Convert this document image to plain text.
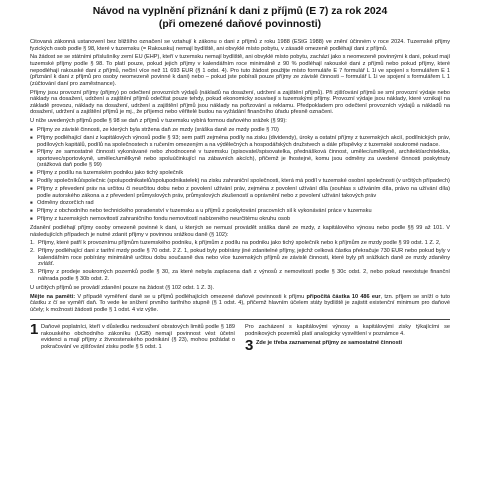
Návod na vyplnění přiznání k dani z příjmů (E 7) za rok 2024
(při omezené daňové povinnosti)

Citovaná zákonná ustanovení bez bližšího označení se vztahují k zákonu o dani z příjmů z roku 1988 (EStG 1988) ve znění účinném v roce 2024. Tuzemské příjmy fyzických osob podle § 98, které v tuzemsku (= Rakousku) nemají bydliště, ani obvyklé místo pobytu, v zásadě omezeně podléhají dani z příjmů.

Na žádost se se státními příslušníky zemí EU (EHP), kteří v tuzemsku nemají bydliště, ani obvyklé místo pobytu, zachází jako s neomezeně povinnými k dani, pokud mají tuzemské příjmy podle § 98. To platí pouze, pokud jejich příjmy v kalendářním roce minimálně z 90 % podléhají rakouské dani z příjmů nebo pokud příjmy, které nepodléhají rakouské dani z příjmů, nečiní více než 11 693 EUR (§ 1 odst. 4). Pro tuto žádost použijte místo formuláře E 7 formulář L 1i ve spojení s formulářem E 1 (přiznání k dani z příjmů pro osoby neomezeně povinné k dani) nebo – pokud jste pobírali pouze příjmy ze závislé činnosti – formulář L 1i ve spojení s formulářem L 1 (zúčtování daní pro zaměstnance).

Příjmy jsou provozní příjmy (přijmy) po odečtení provozních výdajů (nákladů na dosažení, udržení a zajištění příjmů). Při zjišťování příjmů se smí provozní výdaje nebo náklady na dosažení, udržení a zajištění příjmů odečítat pouze tehdy, pokud ekonomicky souvisejí s tuzemskými příjmy. Provozní výdaje jsou náklady, které vznikají na základě provozu, náklady na dosažení, udržení a zajištění příjmů jsou náklady na pořizování a reklamu. Předpokladem pro odečtení provozních výdajů a nákladů na dosažení, udržení a zajištění příjmů je mj., že příjemci nebo věřitelé budou na vyžádání finančního úřadu přesně označeni.

U níže uvedených příjmů podle § 98 se daň z příjmů v tuzemsku vybírá formou daňového srážek (§ 99):

■ Příjmy ze závislé činnosti, ze kterých byla stržena daň ze mzdy (sráška daně ze mzdy podle § 70)
■ Příjmy podléhající dani z kapitálových výnosů podle § 93; sem patří zejména podíly na zisku (dividendy), úroky a ostatní příjmy z tuzemských akcií, podílnických práv, podílových kapitálů, podílů na společnostech s ručením omezeným a na výdělečných a hospodářských družstvech a dále příspěvky z tuzemské soukromé nadace.
■ Příjmy ze samostatné činnosti vykonávané nebo zhodnocené v tuzemsku (spisovatel/spisovatelka, přednášková činnost, umělec/umělkyně, architekt/architektka, sportovec/sportovkyně, umělec/umělkyně nebo spoluúčinkující na zábavních akcích), přičemž je lhostejné, komu jsou odměny za uvedené činnosti poskytnuty (srážková daň podle § 99)
■ Příjmy z podílu na tuzemském podniku jako tichý společník
■ Podíly společníků/společnic (spolupodnikatelů/spolupodnikatelek) na zisku zahraniční společnosti, která má podíl v tuzemské osobní společnosti (v určitých případech)
■ Příjmy z převedení práv na určitou či neurčitou dobu nebo z povolení užívání práv, zejména z povolení užívání díla (souhlas s užíváním díla, právo na užívání díla) podle autorského zákona a z převedení průmyslových práv, průmyslových zkušeností a oprávnění nebo z povolení užívání takových práv
■ Odměny dozorčích rad
■ Příjmy z obchodního nebo technického poradenství v tuzemsku a u příjmů z poskytování pracovních sil k vykonávání práce v tuzemsku
■ Příjmy z tuzemských nemovitostí zahraničního fondu nemovitostí nabízeného neurčitému okruhu osob

Zdanění podléhají příjmy osoby omezeně povinné k dani, u kterých se nemusí provádět sráška daně ze mzdy, z kapitálového výnosu nebo podle §§ 99 až 101. V následujících případech je nutné zdanit příjmy v povinnou srážkou daně (§ 102):

1. Příjmy, které patří k provoznímu příjmům tuzemského podniku, k příjmům z podílu na podniku jako tichý společník nebo k příjmům ze mzdy podle § 99 odst. 1 Z. 2,
2. Příjmy podléhající dani z tarifní mzdy podle § 70 odst. 2 Z. 1, pokud byly pobírány jiné zdanitelné příjmy, jejichž celková částka překračuje 730 EUR nebo pokud byly v kalendářním roce pobírány minimálně určitou dobu současně dva nebo více tuzemských příjmů ze závislé činnosti, které byly při srážkách daně ze mzdy zdaněny zvlášť.
3. Příjmy z prodeje soukromých pozemků podle § 30, za které nebyla zaplacena daň z výnosů z nemovitostí podle § 30c odst. 2, nebo pokud neexistuje finanční náhrada podle § 30b odst. 2.

U určitých příjmů se provádí zdanění pouze na žádost (§ 102 odst. 1 Z. 3).

Mějte na paměti: V případě vyměření daně se u příjmů podléhajících omezené daňové povinnosti k příjmu připočítá částka 10 486 eur, tzn. příjem se sníží o tuto částku z čí se vyměří daň. To vede ke snížení prvního tarifního stupně (§ 1 odst. 4), přičemž hlavním účelem státy bydliště je zajistit existenční minimum pro daňové účely; k možnosti žádosti podle § 1 odst. 4 viz výše.

1 Daňové poplatníci, kteří v důsledku nedosažení obratových limitů podle § 189 rakouského obchodního zákoníku (UGB) nemají povinnost vést účetní evidenci a mají příjmy z živnostenského podnikání (§ 23), mohou požádat o pokračování ve zjišťování zisku podle § 5 odst. 1
Pro zacházení s kapitálovými výnosy a kapitálovými zisky týkajícími se podnikových pozemků platí analogicky vysvětlení v poznámce 4.
3 Zde je třeba zaznamenat příjmy ze samostatné činnosti
